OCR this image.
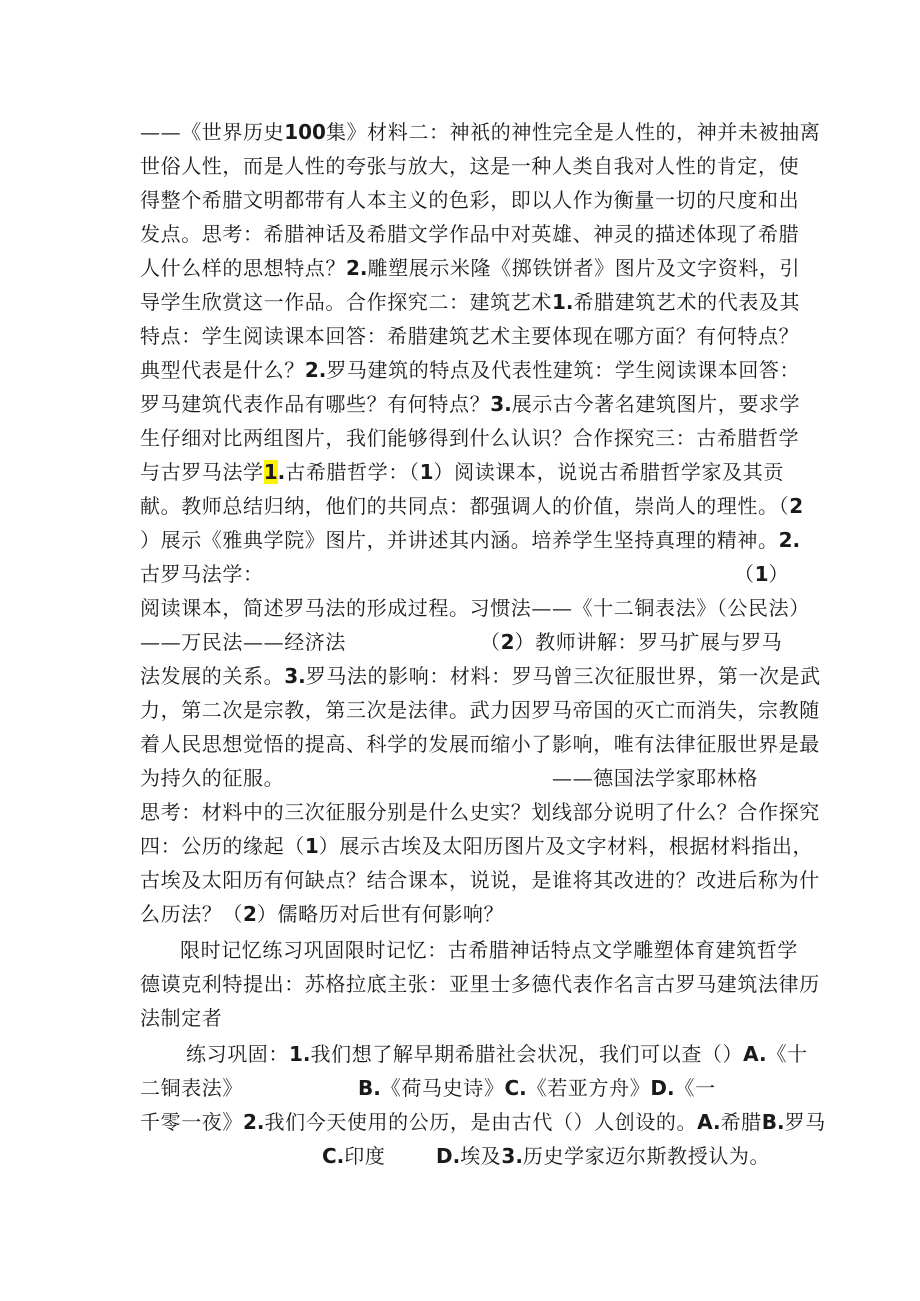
——《世界历史100集》材料二：神祇的神性完全是人性的，神并未被抽离
世俗人性，而是人性的夸张与放大，这是一种人类自我对人性的肯定，使
得整个希腊文明都带有人本主义的色彩，即以人作为衡量一切的尺度和出
发点。思考：希腊神话及希腊文学作品中对英雄、神灵的描述体现了希腊
人什么样的思想特点？2.雕塑展示米隆《掷铁饼者》图片及文字资料，引
导学生欣赏这一作品。合作探究二：建筑艺术1.希腊建筑艺术的代表及其
特点：学生阅读课本回答：希腊建筑艺术主要体现在哪方面？有何特点？
典型代表是什么？2.罗马建筑的特点及代表性建筑：学生阅读课本回答：
罗马建筑代表作品有哪些？有何特点？3.展示古今著名建筑图片，要求学
生仔细对比两组图片，我们能够得到什么认识？合作探究三：古希腊哲学
与古罗马法学1.古希腊哲学：（1）阅读课本，说说古希腊哲学家及其贡
献。教师总结归纳，他们的共同点：都强调人的价值，崇尚人的理性。（2
）展示《雅典学院》图片，并讲述其内涵。培养学生坚持真理的精神。2.
古罗马法学：	（1）
阅读课本，简述罗马法的形成过程。习惯法——《十二铜表法》（公民法）
——万民法——经济法	（2）教师讲解：罗马扩展与罗马
法发展的关系。3.罗马法的影响：材料：罗马曾三次征服世界，第一次是武
力，第二次是宗教，第三次是法律。武力因罗马帝国的灭亡而消失，宗教随
着人民思想觉悟的提高、科学的发展而缩小了影响，唯有法律征服世界是最
为持久的征服。	——德国法学家耶林格
思考：材料中的三次征服分别是什么史实？划线部分说明了什么？合作探究
四：公历的缘起（1）展示古埃及太阳历图片及文字材料，根据材料指出，
古埃及太阳历有何缺点？结合课本，说说，是谁将其改进的？改进后称为什
么历法？（2）儒略历对后世有何影响？
限时记忆练习巩固限时记忆：古希腊神话特点文学雕塑体育建筑哲学
德谟克利特提出：苏格拉底主张：亚里士多德代表作名言古罗马建筑法律历
法制定者
练习巩固：1.我们想了解早期希腊社会状况，我们可以查（）A.《十
二铜表法》	B.《荷马史诗》C.《若亚方舟》D.《一
千零一夜》2.我们今天使用的公历，是由古代（）人创设的。A.希腊B.罗马
C.印度	D.埃及3.历史学家迈尔斯教授认为。
